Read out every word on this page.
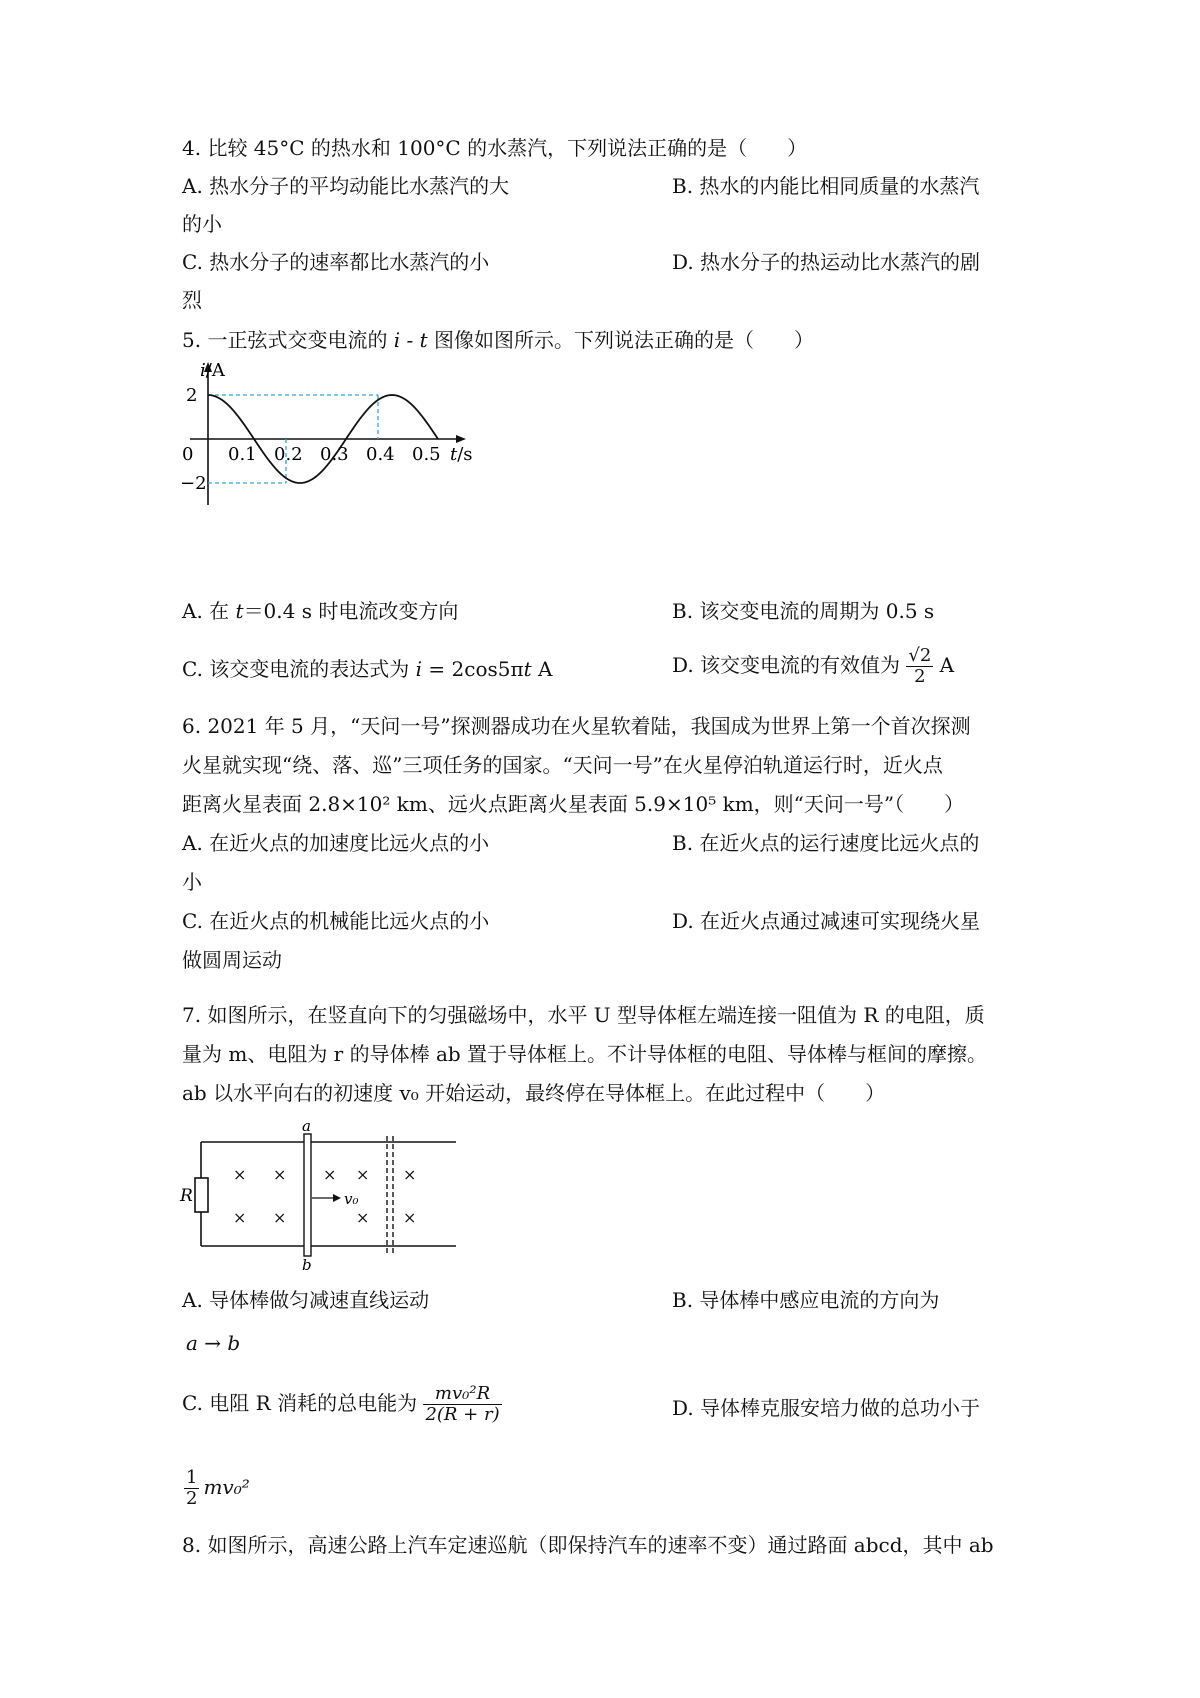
4. 比较 45°C 的热水和 100°C 的水蒸汽，下列说法正确的是（　　）
A. 热水分子的平均动能比水蒸汽的大	B. 热水的内能比相同质量的水蒸汽
的小
C. 热水分子的速率都比水蒸汽的小	D. 热水分子的热运动比水蒸汽的剧
烈
5. 一正弦式交变电流的 i - t 图像如图所示。下列说法正确的是（　　）
i/A
2
−2
0 0.1 0.2 0.3 0.4 0.5 t/s
A. 在 t＝0.4 s 时电流改变方向	B. 该交变电流的周期为 0.5 s
C. 该交变电流的表达式为 i = 2cos5πt A	D. 该交变电流的有效值为 $\frac{√2}{2}$ A
6. 2021 年 5 月，“天问一号”探测器成功在火星软着陆，我国成为世界上第一个首次探测
火星就实现“绕、落、巡”三项任务的国家。“天问一号”在火星停泊轨道运行时，近火点
距离火星表面 2.8×10² km、远火点距离火星表面 5.9×10⁵ km，则“天问一号”（　　）
A. 在近火点的加速度比远火点的小	B. 在近火点的运行速度比远火点的
小
C. 在近火点的机械能比远火点的小	D. 在近火点通过减速可实现绕火星
做圆周运动
7. 如图所示，在竖直向下的匀强磁场中，水平 U 型导体框左端连接一阻值为 R 的电阻，质
量为 m、电阻为 r 的导体棒 ab 置于导体框上。不计导体框的电阻、导体棒与框间的摩擦。
ab 以水平向右的初速度 v₀ 开始运动，最终停在导体框上。在此过程中（　　）
R
a
b
v₀
× × × × ×
× ×	× ×
A. 导体棒做匀减速直线运动	B. 导体棒中感应电流的方向为
a → b
C. 电阻 R 消耗的总电能为 $\frac{\text{mv₀²R}}{2(R + r)}$	D. 导体棒克服安培力做的总功小于
$\frac{1}{2} mv_0^2$
8. 如图所示，高速公路上汽车定速巡航（即保持汽车的速率不变）通过路面 abcd，其中 ab
